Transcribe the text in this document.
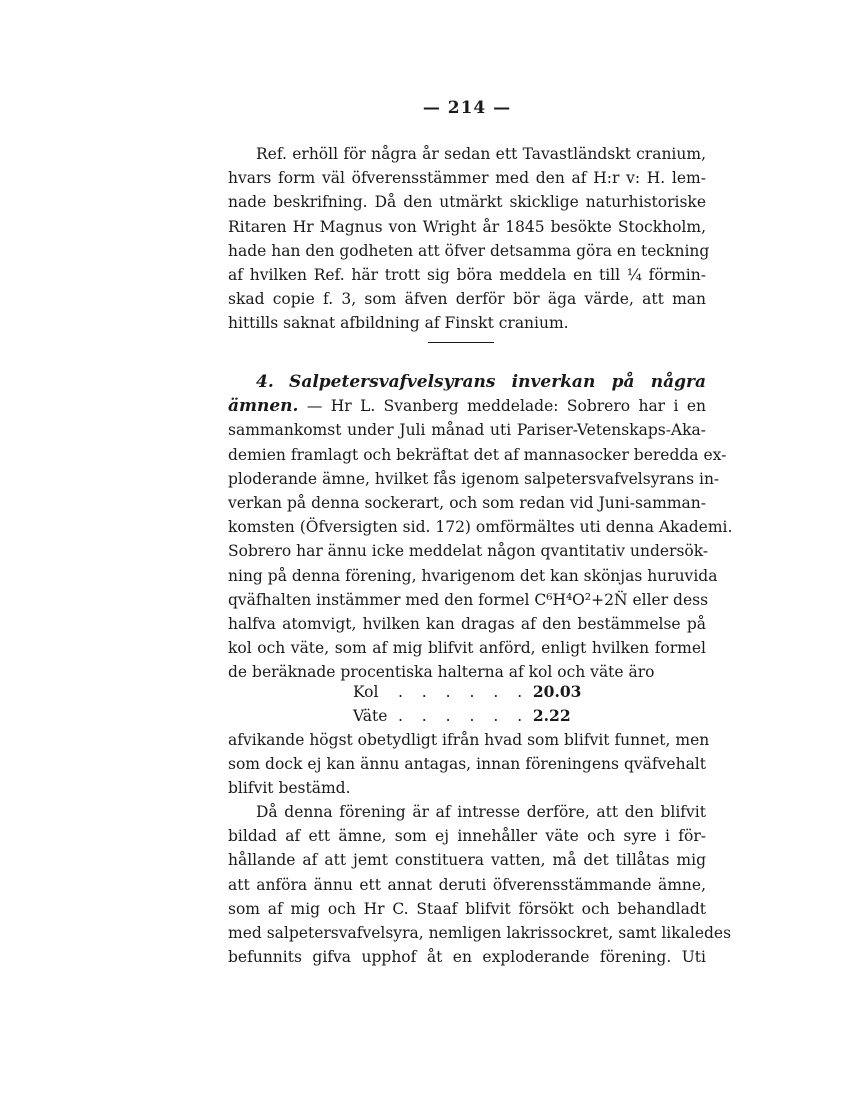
— 214 —
Ref. erhöll för några år sedan ett Tavastländskt cranium,
hvars form väl öfverensstämmer med den af H:r v: H. lem-
nade beskrifning. Då den utmärkt skicklige naturhistoriske
Ritaren Hr Magnus von Wright år 1845 besökte Stockholm,
hade han den godheten att öfver detsamma göra en teckning
af hvilken Ref. här trott sig böra meddela en till ¼ förmin-
skad copie f. 3, som äfven derför bör äga värde, att man
hittills saknat afbildning af Finskt cranium.
4. Salpetersvafvelsyrans inverkan på några
ämnen. — Hr L. Svanberg meddelade: Sobrero har i en
sammankomst under Juli månad uti Pariser-Vetenskaps-Aka-
demien framlagt och bekräftat det af mannasocker beredda ex-
ploderande ämne, hvilket fås igenom salpetersvafvelsyrans in-
verkan på denna sockerart, och som redan vid Juni-samman-
komsten (Öfversigten sid. 172) omförmältes uti denna Akademi.
Sobrero har ännu icke meddelat någon qvantitativ undersök-
ning på denna förening, hvarigenom det kan skönjas huruvida
qväfhalten instämmer med den formel C⁶H⁴O²+2N̈ eller dess
halfva atomvigt, hvilken kan dragas af den bestämmelse på
kol och väte, som af mig blifvit anförd, enligt hvilken formel
de beräknade procentiska halterna af kol och väte äro
Kol . . . . . . 20.03
Väte . . . . . . 2.22
afvikande högst obetydligt ifrån hvad som blifvit funnet, men
som dock ej kan ännu antagas, innan föreningens qväfvehalt
blifvit bestämd.
Då denna förening är af intresse derföre, att den blifvit
bildad af ett ämne, som ej innehåller väte och syre i för-
hållande af att jemt constituera vatten, må det tillåtas mig
att anföra ännu ett annat deruti öfverensstämmande ämne,
som af mig och Hr C. Staaf blifvit försökt och behandladt
med salpetersvafvelsyra, nemligen lakrissockret, samt likaledes
befunnits gifva upphof åt en exploderande förening. Uti
